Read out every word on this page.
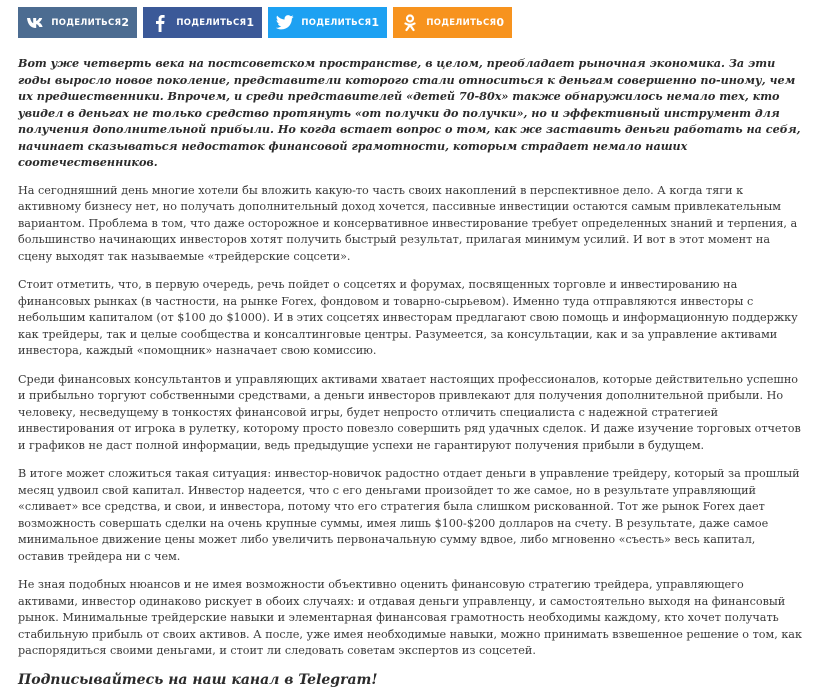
ПОДЕЛИТЬСЯ 2	ПОДЕЛИТЬСЯ 1	ПОДЕЛИТЬСЯ 1	ПОДЕЛИТЬСЯ 0

Вот уже четверть века на постсоветском пространстве, в целом, преобладает рыночная экономика. За эти годы выросло новое поколение, представители которого стали относиться к деньгам совершенно по-иному, чем их предшественники. Впрочем, и среди представителей «детей 70-80х» также обнаружилось немало тех, кто увидел в деньгах не только средство протянуть «от получки до получки», но и эффективный инструмент для получения дополнительной прибыли. Но когда встает вопрос о том, как же заставить деньги работать на себя, начинает сказываться недостаток финансовой грамотности, которым страдает немало наших соотечественников.

На сегодняшний день многие хотели бы вложить какую-то часть своих накоплений в перспективное дело. А когда тяги к активному бизнесу нет, но получать дополнительный доход хочется, пассивные инвестиции остаются самым привлекательным вариантом. Проблема в том, что даже осторожное и консервативное инвестирование требует определенных знаний и терпения, а большинство начинающих инвесторов хотят получить быстрый результат, прилагая минимум усилий. И вот в этот момент на сцену выходят так называемые «трейдерские соцсети».

Стоит отметить, что, в первую очередь, речь пойдет о соцсетях и форумах, посвященных торговле и инвестированию на финансовых рынках (в частности, на рынке Forex, фондовом и товарно-сырьевом). Именно туда отправляются инвесторы с небольшим капиталом (от $100 до $1000). И в этих соцсетях инвесторам предлагают свою помощь и информационную поддержку как трейдеры, так и целые сообщества и консалтинговые центры. Разумеется, за консультации, как и за управление активами инвестора, каждый «помощник» назначает свою комиссию.

Среди финансовых консультантов и управляющих активами хватает настоящих профессионалов, которые действительно успешно и прибыльно торгуют собственными средствами, а деньги инвесторов привлекают для получения дополнительной прибыли. Но человеку, несведущему в тонкостях финансовой игры, будет непросто отличить специалиста с надежной стратегией инвестирования от игрока в рулетку, которому просто повезло совершить ряд удачных сделок. И даже изучение торговых отчетов и графиков не даст полной информации, ведь предыдущие успехи не гарантируют получения прибыли в будущем.

В итоге может сложиться такая ситуация: инвестор-новичок радостно отдает деньги в управление трейдеру, который за прошлый месяц удвоил свой капитал. Инвестор надеется, что с его деньгами произойдет то же самое, но в результате управляющий «сливает» все средства, и свои, и инвестора, потому что его стратегия была слишком рискованной. Тот же рынок Forex дает возможность совершать сделки на очень крупные суммы, имея лишь $100-$200 долларов на счету. В результате, даже самое минимальное движение цены может либо увеличить первоначальную сумму вдвое, либо мгновенно «съесть» весь капитал, оставив трейдера ни с чем.

Не зная подобных нюансов и не имея возможности объективно оценить финансовую стратегию трейдера, управляющего активами, инвестор одинаково рискует в обоих случаях: и отдавая деньги управленцу, и самостоятельно выходя на финансовый рынок. Минимальные трейдерские навыки и элементарная финансовая грамотность необходимы каждому, кто хочет получать стабильную прибыль от своих активов. А после, уже имея необходимые навыки, можно принимать взвешенное решение о том, как распорядиться своими деньгами, и стоит ли следовать советам экспертов из соцсетей.

Подписывайтесь на наш канал в Telegram!
